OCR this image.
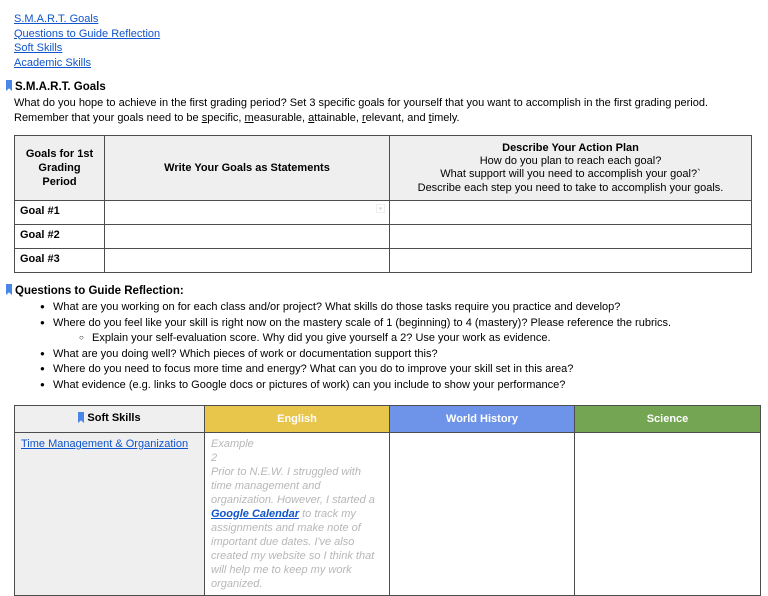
S.M.A.R.T. Goals
Questions to Guide Reflection
Soft Skills
Academic Skills
S.M.A.R.T. Goals

What do you hope to achieve in the first grading period? Set 3 specific goals for yourself that you want to accomplish in the first grading period. Remember that your goals need to be specific, measurable, attainable, relevant, and timely.

Goals for 1st Grading Period	Write Your Goals as Statements	Describe Your Action Plan
How do you plan to reach each goal?
What support will you need to accomplish your goal?`
Describe each step you need to take to accomplish your goals.

Goal #1	

Goal #2		
Goal #3		
Questions to Guide Reflection:
● What are you working on for each class and/or project? What skills do those tasks require you practice and develop?
● Where do you feel like your skill is right now on the mastery scale of 1 (beginning) to 4 (mastery)? Please reference the rubrics.
○ Explain your self-evaluation score. Why did you give yourself a 2? Use your work as evidence.
● What are you doing well? Which pieces of work or documentation support this?
● Where do you need to focus more time and energy? What can you do to improve your skill set in this area?
● What evidence (e.g. links to Google docs or pictures of work) can you include to show your performance?
Soft Skills	English	World History	Science
Time Management & Organization	Example
2
Prior to N.E.W. I struggled with time management and organization. However, I started a Google Calendar to track my assignments and make note of important due dates. I've also created my website so I think that will help me to keep my work organized.		
